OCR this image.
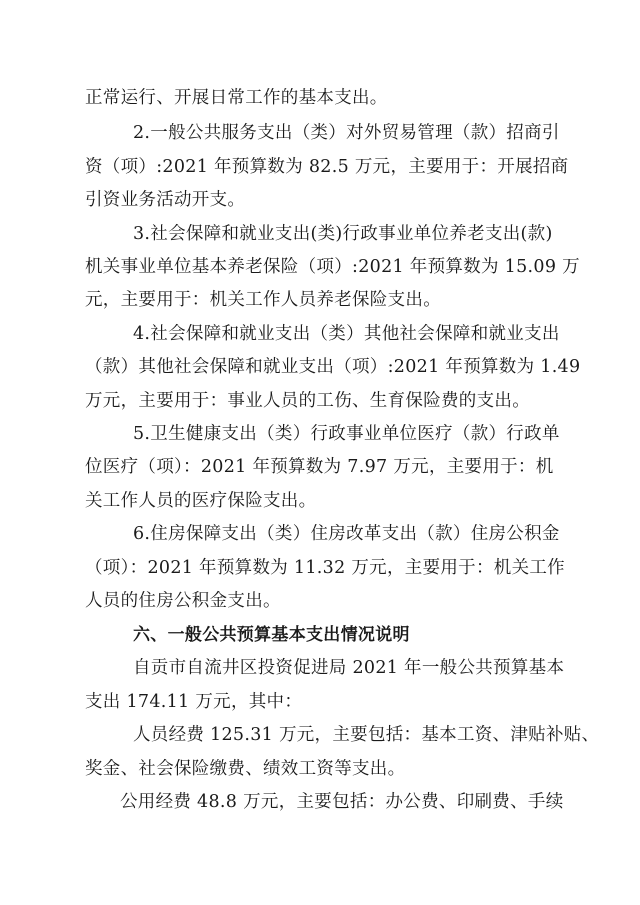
正常运行、开展日常工作的基本支出。
2.一般公共服务支出（类）对外贸易管理（款）招商引
资（项）:2021 年预算数为 82.5 万元，主要用于：开展招商
引资业务活动开支。
3.社会保障和就业支出(类)行政事业单位养老支出(款)
机关事业单位基本养老保险（项）:2021 年预算数为 15.09 万
元，主要用于：机关工作人员养老保险支出。
4.社会保障和就业支出（类）其他社会保障和就业支出
（款）其他社会保障和就业支出（项）:2021 年预算数为 1.49
万元，主要用于：事业人员的工伤、生育保险费的支出。
5.卫生健康支出（类）行政事业单位医疗（款）行政单
位医疗（项）：2021 年预算数为 7.97 万元，主要用于：机
关工作人员的医疗保险支出。
6.住房保障支出（类）住房改革支出（款）住房公积金
（项）：2021 年预算数为 11.32 万元，主要用于：机关工作
人员的住房公积金支出。
六、一般公共预算基本支出情况说明
自贡市自流井区投资促进局 2021 年一般公共预算基本
支出 174.11 万元，其中：
人员经费 125.31 万元，主要包括：基本工资、津贴补贴、
奖金、社会保险缴费、绩效工资等支出。
公用经费 48.8 万元，主要包括：办公费、印刷费、手续
